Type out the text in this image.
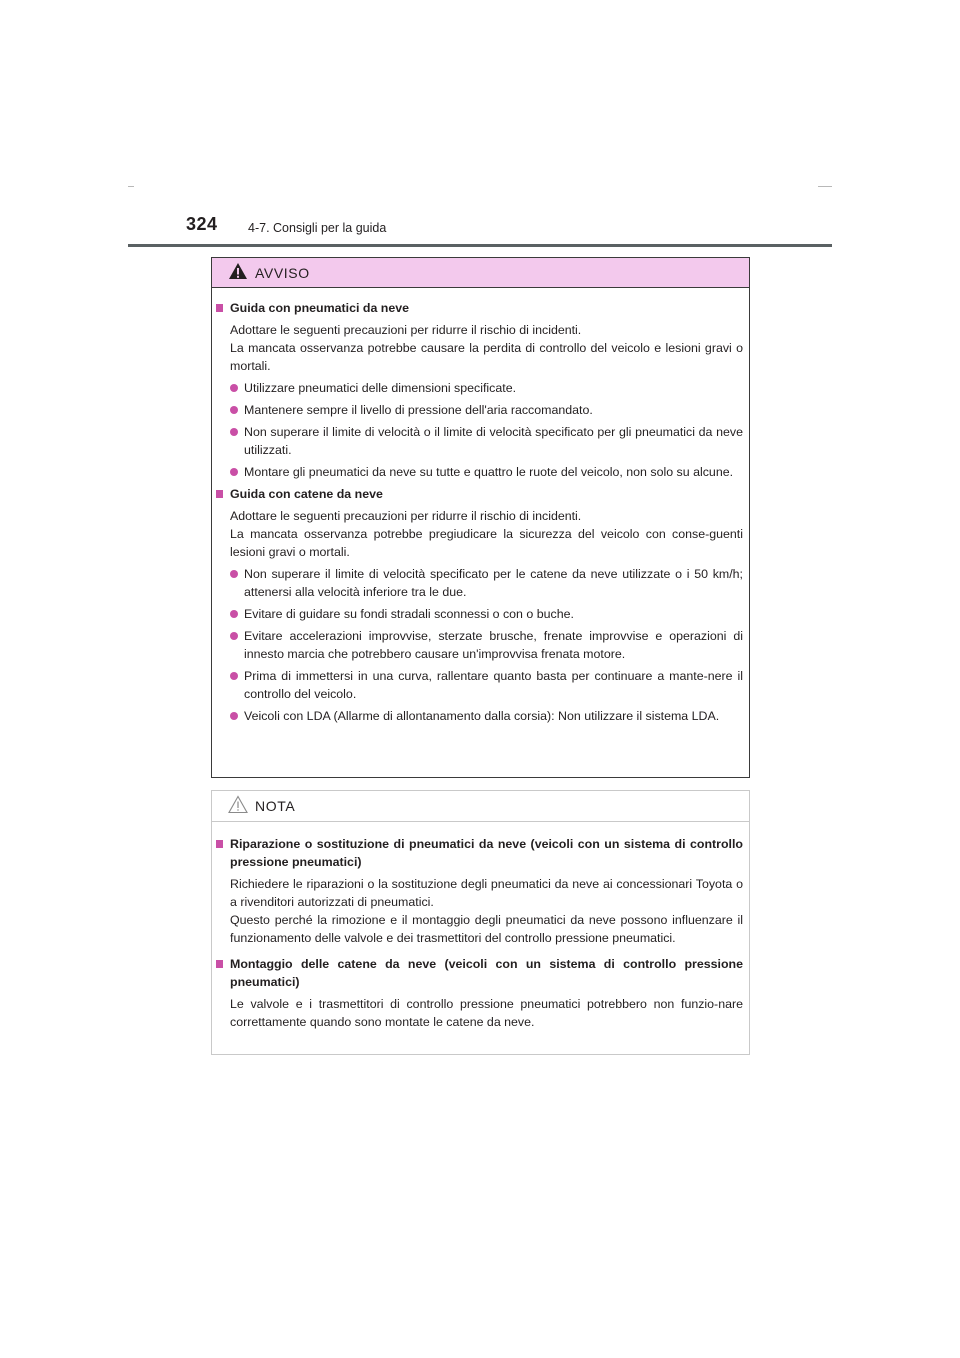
324 4-7. Consigli per la guida
AVVISO
Guida con pneumatici da neve
Adottare le seguenti precauzioni per ridurre il rischio di incidenti.
La mancata osservanza potrebbe causare la perdita di controllo del veicolo e lesioni gravi o mortali.
Utilizzare pneumatici delle dimensioni specificate.
Mantenere sempre il livello di pressione dell'aria raccomandato.
Non superare il limite di velocità o il limite di velocità specificato per gli pneumatici da neve utilizzati.
Montare gli pneumatici da neve su tutte e quattro le ruote del veicolo, non solo su alcune.
Guida con catene da neve
Adottare le seguenti precauzioni per ridurre il rischio di incidenti.
La mancata osservanza potrebbe pregiudicare la sicurezza del veicolo con conse-guenti lesioni gravi o mortali.
Non superare il limite di velocità specificato per le catene da neve utilizzate o i 50 km/h; attenersi alla velocità inferiore tra le due.
Evitare di guidare su fondi stradali sconnessi o con o buche.
Evitare accelerazioni improvvise, sterzate brusche, frenate improvvise e operazioni di innesto marcia che potrebbero causare un'improvvisa frenata motore.
Prima di immettersi in una curva, rallentare quanto basta per continuare a mante-nere il controllo del veicolo.
Veicoli con LDA (Allarme di allontanamento dalla corsia): Non utilizzare il sistema LDA.
NOTA
Riparazione o sostituzione di pneumatici da neve (veicoli con un sistema di controllo pressione pneumatici)
Richiedere le riparazioni o la sostituzione degli pneumatici da neve ai concessionari Toyota o a rivenditori autorizzati di pneumatici.
Questo perché la rimozione e il montaggio degli pneumatici da neve possono influenzare il funzionamento delle valvole e dei trasmettitori del controllo pressione pneumatici.
Montaggio delle catene da neve (veicoli con un sistema di controllo pressione pneumatici)
Le valvole e i trasmettitori di controllo pressione pneumatici potrebbero non funzio-nare correttamente quando sono montate le catene da neve.
